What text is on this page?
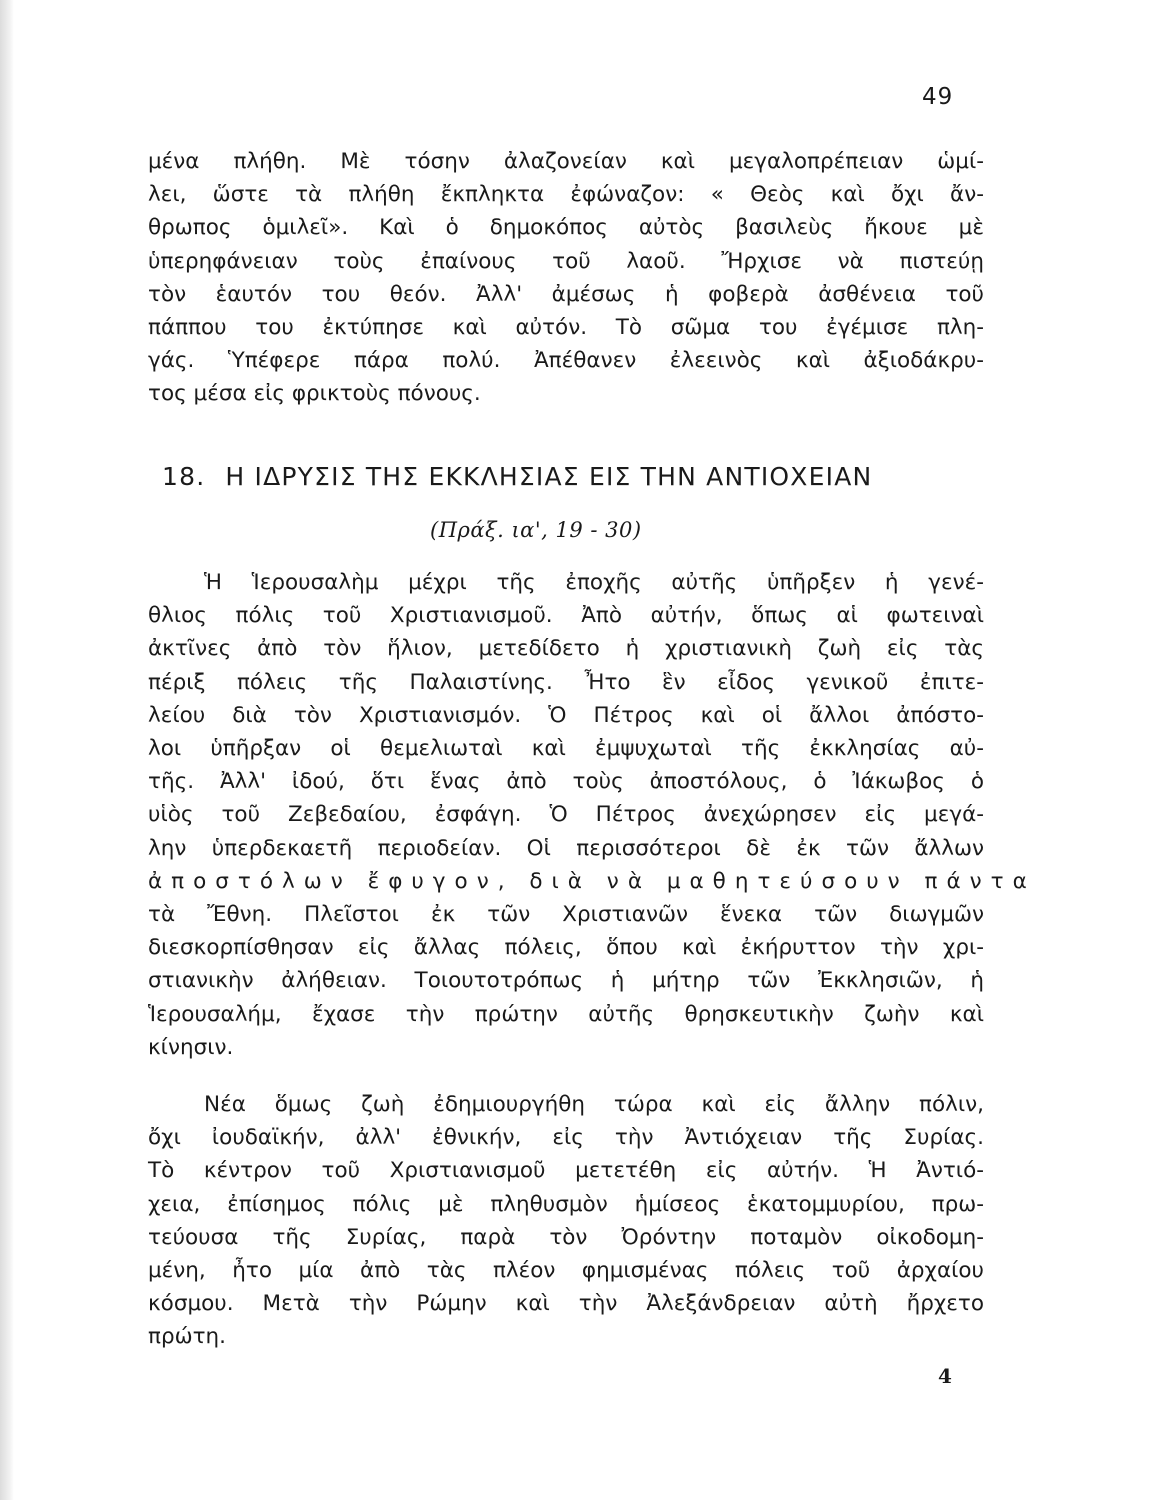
49
μένα πλήθη. Μὲ τόσην ἀλαζονείαν καὶ μεγαλοπρέπειαν ὡμί-
λει, ὥστε τὰ πλήθη ἔκπληκτα ἐφώναζον: « Θεὸς καὶ ὄχι ἄν-
θρωπος ὁμιλεῖ». Καὶ ὁ δημοκόπος αὐτὸς βασιλεὺς ἤκουε μὲ
ὑπερηφάνειαν τοὺς ἐπαίνους τοῦ λαοῦ. Ἤρχισε νὰ πιστεύῃ
τὸν ἑαυτόν του θεόν. Ἀλλ' ἀμέσως ἡ φοβερὰ ἀσθένεια τοῦ
πάππου του ἐκτύπησε καὶ αὐτόν. Τὸ σῶμα του ἐγέμισε πλη-
γάς. Ὑπέφερε πάρα πολύ. Ἀπέθανεν ἐλεεινὸς καὶ ἀξιοδάκρυ-
τος μέσα εἰς φρικτοὺς πόνους.
18. Η ΙΔΡΥΣΙΣ ΤΗΣ ΕΚΚΛΗΣΙΑΣ ΕΙΣ ΤΗΝ ΑΝΤΙΟΧΕΙΑΝ
(Πράξ. ια', 19 - 30)
Ἡ Ἱερουσαλὴμ μέχρι τῆς ἐποχῆς αὐτῆς ὑπῆρξεν ἡ γενέ-
θλιος πόλις τοῦ Χριστιανισμοῦ. Ἀπὸ αὐτήν, ὅπως αἱ φωτειναὶ
ἀκτῖνες ἀπὸ τὸν ἥλιον, μετεδίδετο ἡ χριστιανικὴ ζωὴ εἰς τὰς
πέριξ πόλεις τῆς Παλαιστίνης. Ἦτο ἓν εἶδος γενικοῦ ἐπιτε-
λείου διὰ τὸν Χριστιανισμόν. Ὁ Πέτρος καὶ οἱ ἄλλοι ἀπόστο-
λοι ὑπῆρξαν οἱ θεμελιωταὶ καὶ ἐμψυχωταὶ τῆς ἐκκλησίας αὐ-
τῆς. Ἀλλ' ἰδού, ὅτι ἕνας ἀπὸ τοὺς ἀποστόλους, ὁ Ἰάκωβος ὁ
υἱὸς τοῦ Ζεβεδαίου, ἐσφάγη. Ὁ Πέτρος ἀνεχώρησεν εἰς μεγά-
λην ὑπερδεκαετῆ περιοδείαν. Οἱ περισσότεροι δὲ ἐκ τῶν ἄλλων
ἀποστόλων ἔφυγον, διὰ νὰ μαθητεύσουν πάντα
τὰ Ἔθνη. Πλεῖστοι ἐκ τῶν Χριστιανῶν ἕνεκα τῶν διωγμῶν
διεσκορπίσθησαν εἰς ἄλλας πόλεις, ὅπου καὶ ἐκήρυττον τὴν χρι-
στιανικὴν ἀλήθειαν. Τοιουτοτρόπως ἡ μήτηρ τῶν Ἐκκλησιῶν, ἡ
Ἱερουσαλήμ, ἔχασε τὴν πρώτην αὐτῆς θρησκευτικὴν ζωὴν καὶ
κίνησιν.
Νέα ὅμως ζωὴ ἐδημιουργήθη τώρα καὶ εἰς ἄλλην πόλιν,
ὄχι ἰουδαϊκήν, ἀλλ' ἐθνικήν, εἰς τὴν Ἀντιόχειαν τῆς Συρίας.
Τὸ κέντρον τοῦ Χριστιανισμοῦ μετετέθη εἰς αὐτήν. Ἡ Ἀντιό-
χεια, ἐπίσημος πόλις μὲ πληθυσμὸν ἡμίσεος ἑκατομμυρίου, πρω-
τεύουσα τῆς Συρίας, παρὰ τὸν Ὀρόντην ποταμὸν οἰκοδομη-
μένη, ἦτο μία ἀπὸ τὰς πλέον φημισμένας πόλεις τοῦ ἀρχαίου
κόσμου. Μετὰ τὴν Ρώμην καὶ τὴν Ἀλεξάνδρειαν αὐτὴ ἤρχετο
πρώτη.
4
